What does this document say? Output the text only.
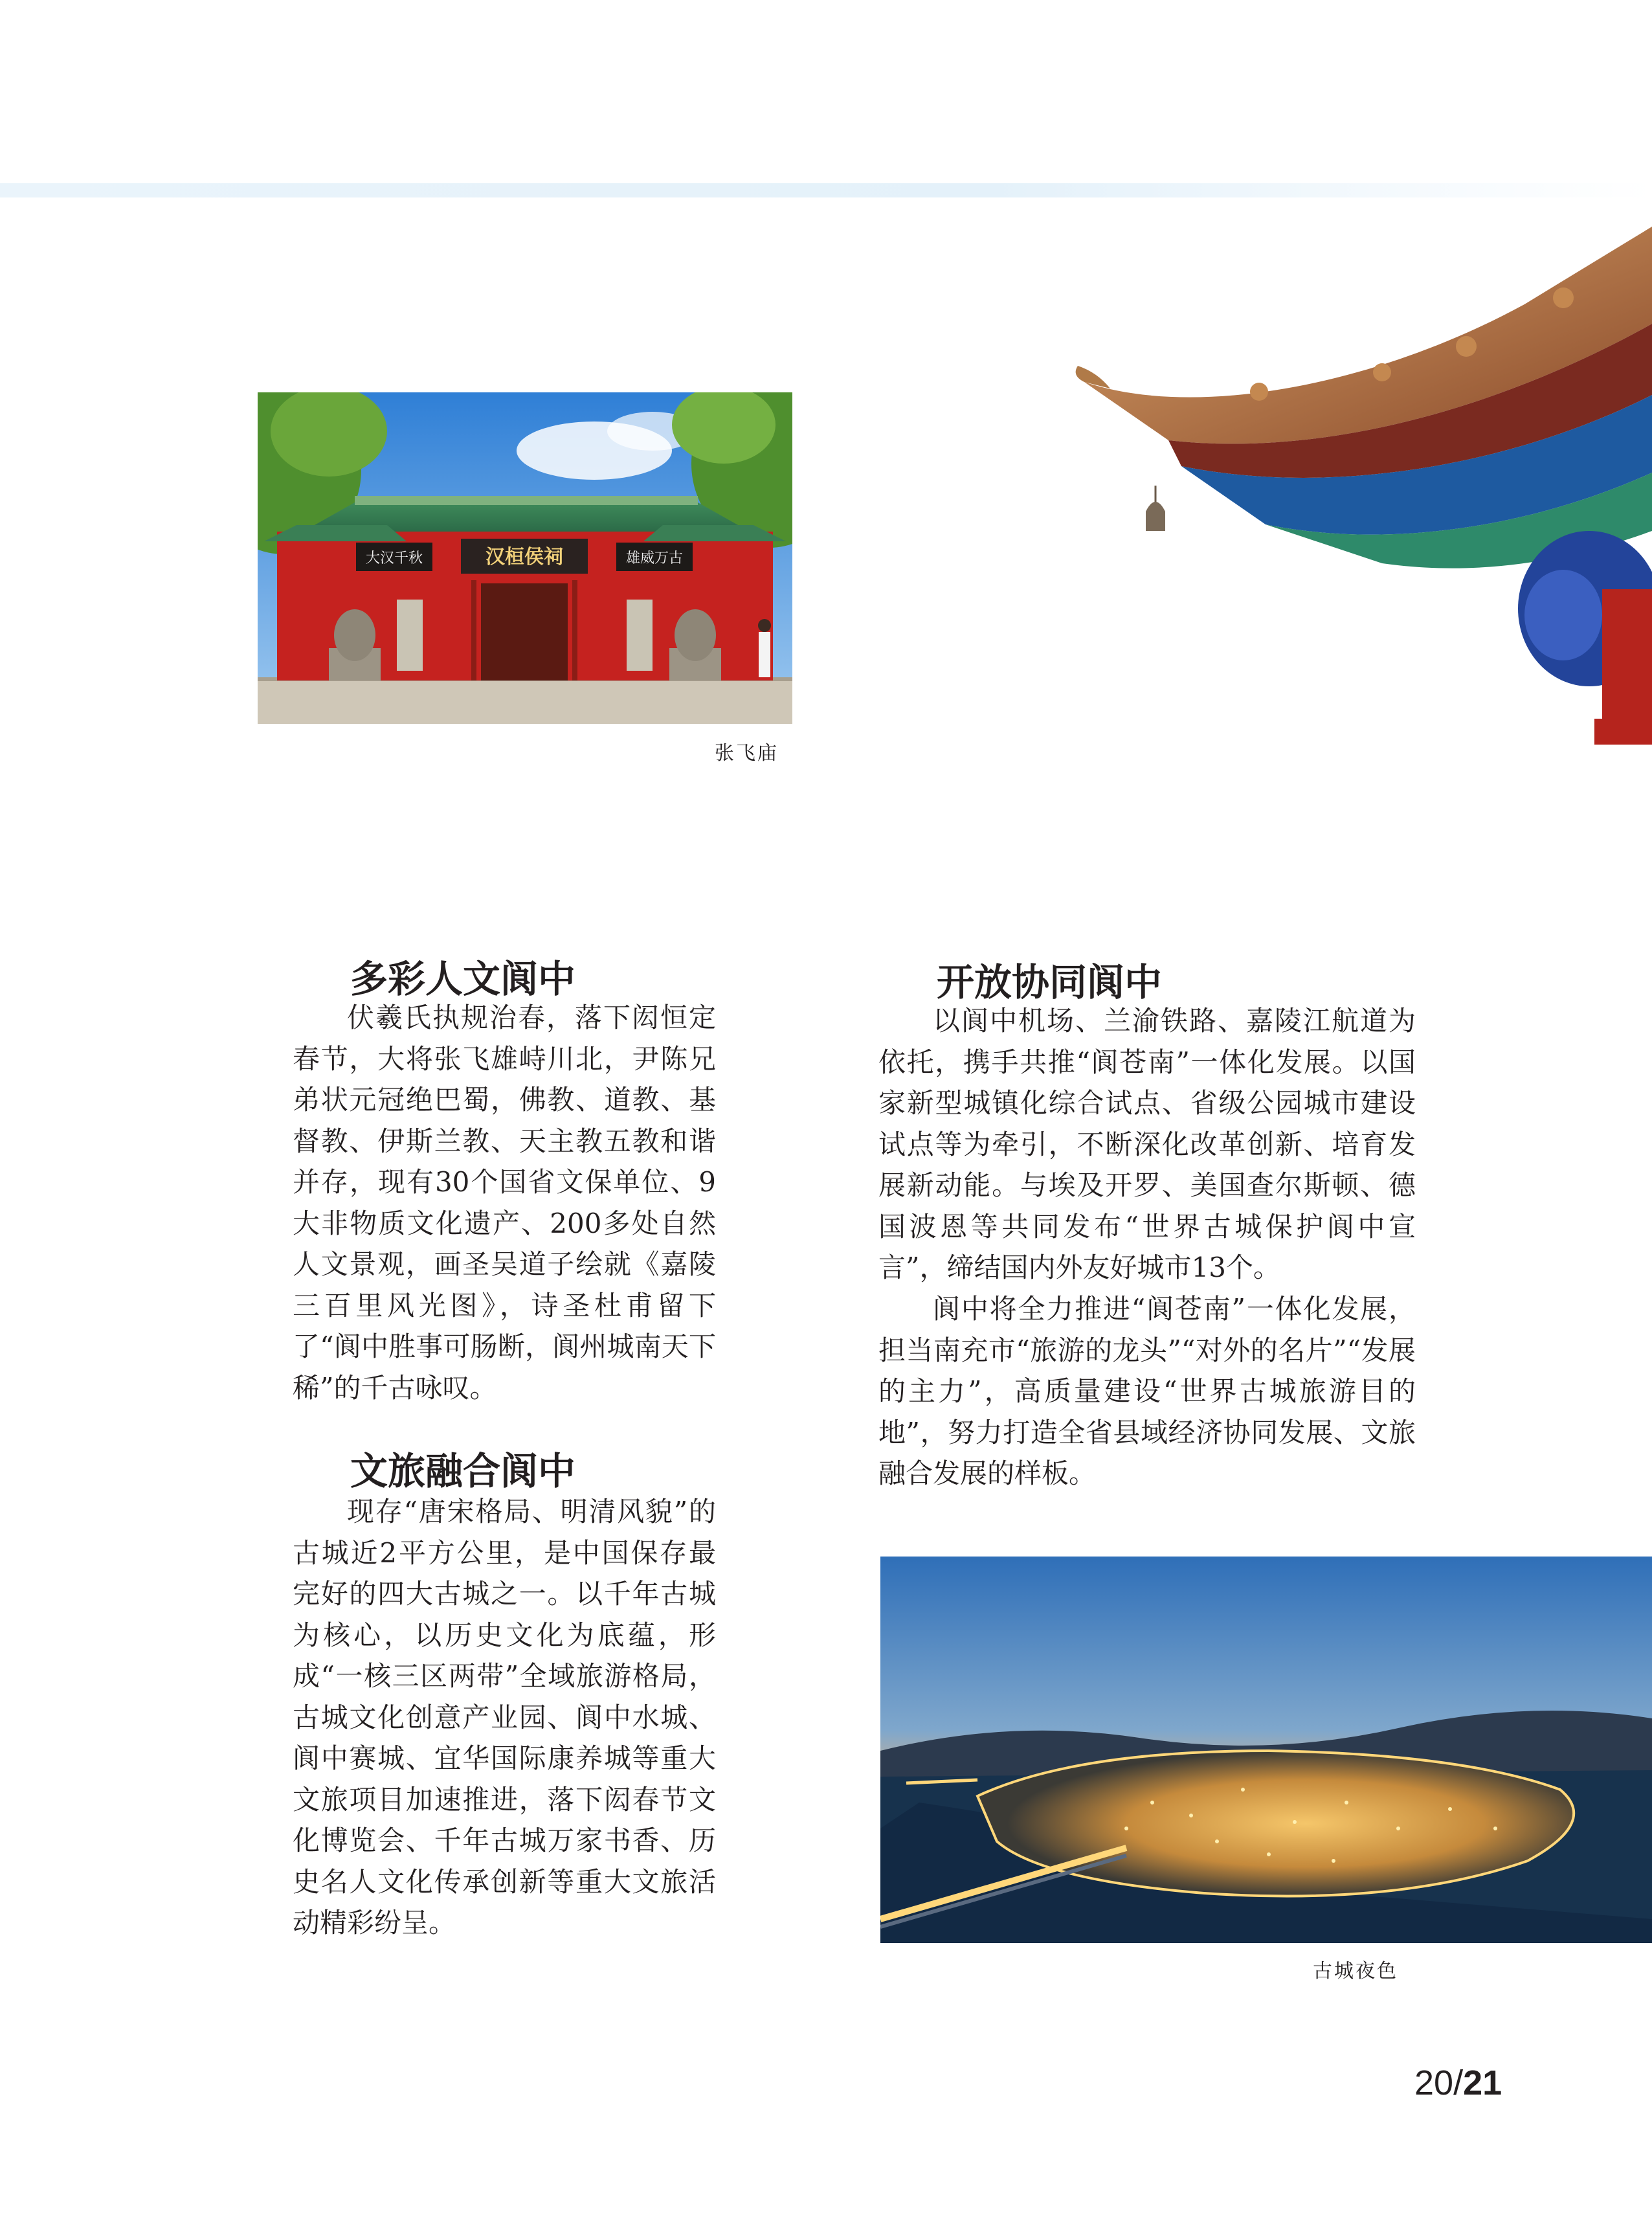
汉桓侯祠
大汉千秋	雄威万古
张飞庙
多彩人文阆中

伏羲氏执规治春，落下闳恒定春节，大将张飞雄峙川北，尹陈兄弟状元冠绝巴蜀，佛教、道教、基督教、伊斯兰教、天主教五教和谐并存，现有30个国省文保单位、9大非物质文化遗产、200多处自然人文景观，画圣吴道子绘就《嘉陵三百里风光图》，诗圣杜甫留下了“阆中胜事可肠断，阆州城南天下稀”的千古咏叹。

文旅融合阆中

现存“唐宋格局、明清风貌”的古城近2平方公里，是中国保存最完好的四大古城之一。以千年古城为核心，以历史文化为底蕴，形成“一核三区两带”全域旅游格局，古城文化创意产业园、阆中水城、阆中赛城、宜华国际康养城等重大文旅项目加速推进，落下闳春节文化博览会、千年古城万家书香、历史名人文化传承创新等重大文旅活动精彩纷呈。

开放协同阆中

以阆中机场、兰渝铁路、嘉陵江航道为依托，携手共推“阆苍南”一体化发展。以国家新型城镇化综合试点、省级公园城市建设试点等为牵引，不断深化改革创新、培育发展新动能。与埃及开罗、美国查尔斯顿、德国波恩等共同发布“世界古城保护阆中宣言”，缔结国内外友好城市13个。

阆中将全力推进“阆苍南”一体化发展，担当南充市“旅游的龙头”“对外的名片”“发展的主力”，高质量建设“世界古城旅游目的地”，努力打造全省县域经济协同发展、文旅融合发展的样板。

古城夜色
20/21
